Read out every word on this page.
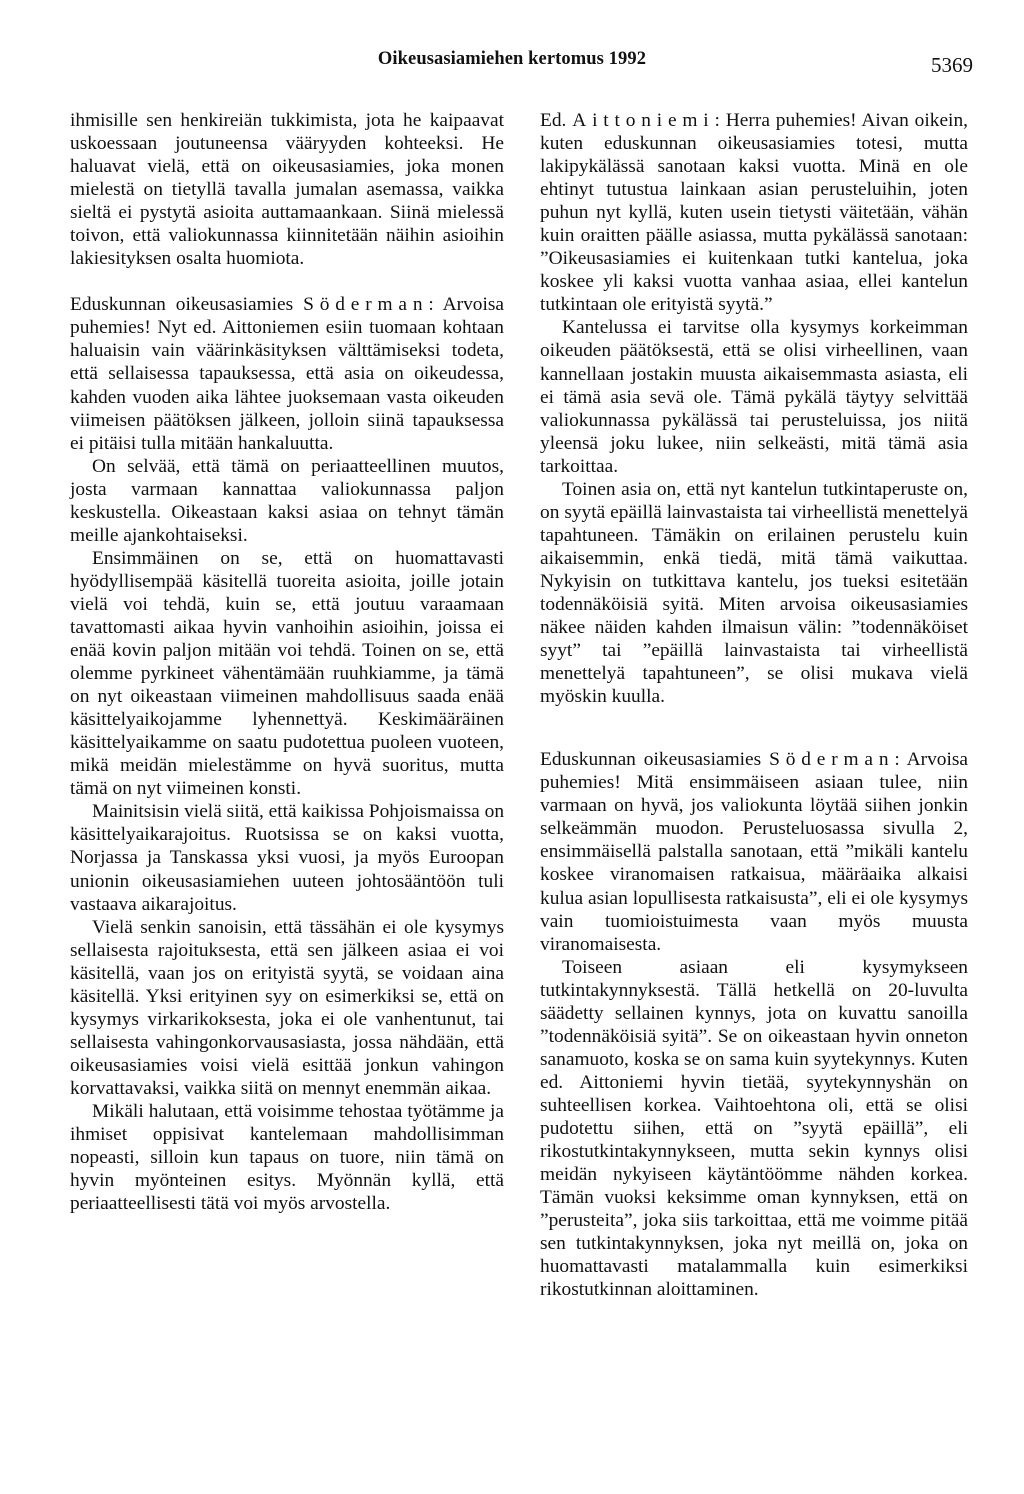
Oikeusasiamiehen kertomus 1992	5369

ihmisille sen henkireiän tukkimista, jota he kaipaavat uskoessaan joutuneensa vääryyden kohteeksi. He haluavat vielä, että on oikeusasiamies, joka monen mielestä on tietyllä tavalla jumalan asemassa, vaikka sieltä ei pystytä asioita auttamaankaan. Siinä mielessä toivon, että valiokunnassa kiinnitetään näihin asioihin lakiesityksen osalta huomiota.

Eduskunnan oikeusasiamies Söderman: Arvoisa puhemies! Nyt ed. Aittoniemen esiin tuomaan kohtaan haluaisin vain väärinkäsityksen välttämiseksi todeta, että sellaisessa tapauksessa, että asia on oikeudessa, kahden vuoden aika lähtee juoksemaan vasta oikeuden viimeisen päätöksen jälkeen, jolloin siinä tapauksessa ei pitäisi tulla mitään hankaluutta.

On selvää, että tämä on periaatteellinen muutos, josta varmaan kannattaa valiokunnassa paljon keskustella. Oikeastaan kaksi asiaa on tehnyt tämän meille ajankohtaiseksi.

Ensimmäinen on se, että on huomattavasti hyödyllisempää käsitellä tuoreita asioita, joille jotain vielä voi tehdä, kuin se, että joutuu varaamaan tavattomasti aikaa hyvin vanhoihin asioihin, joissa ei enää kovin paljon mitään voi tehdä. Toinen on se, että olemme pyrkineet vähentämään ruuhkiamme, ja tämä on nyt oikeastaan viimeinen mahdollisuus saada enää käsittelyaikojamme lyhennettyä. Keskimääräinen käsittelyaikamme on saatu pudotettua puoleen vuoteen, mikä meidän mielestämme on hyvä suoritus, mutta tämä on nyt viimeinen konsti.

Mainitsisin vielä siitä, että kaikissa Pohjoismaissa on käsittelyaikarajoitus. Ruotsissa se on kaksi vuotta, Norjassa ja Tanskassa yksi vuosi, ja myös Euroopan unionin oikeusasiamiehen uuteen johtosääntöön tuli vastaava aikarajoitus.

Vielä senkin sanoisin, että tässähän ei ole kysymys sellaisesta rajoituksesta, että sen jälkeen asiaa ei voi käsitellä, vaan jos on erityistä syytä, se voidaan aina käsitellä. Yksi erityinen syy on esimerkiksi se, että on kysymys virkarikoksesta, joka ei ole vanhentunut, tai sellaisesta vahingonkorvausasiasta, jossa nähdään, että oikeusasiamies voisi vielä esittää jonkun vahingon korvattavaksi, vaikka siitä on mennyt enemmän aikaa.

Mikäli halutaan, että voisimme tehostaa työtämme ja ihmiset oppisivat kantelemaan mahdollisimman nopeasti, silloin kun tapaus on tuore, niin tämä on hyvin myönteinen esitys. Myönnän kyllä, että periaatteellisesti tätä voi myös arvostella.

Ed. Aittoniemi: Herra puhemies! Aivan oikein, kuten eduskunnan oikeusasiamies totesi, mutta lakipykälässä sanotaan kaksi vuotta. Minä en ole ehtinyt tutustua lainkaan asian perusteluihin, joten puhun nyt kyllä, kuten usein tietysti väitetään, vähän kuin oraitten päälle asiassa, mutta pykälässä sanotaan: ”Oikeusasiamies ei kuitenkaan tutki kantelua, joka koskee yli kaksi vuotta vanhaa asiaa, ellei kantelun tutkintaan ole erityistä syytä.”

Kantelussa ei tarvitse olla kysymys korkeimman oikeuden päätöksestä, että se olisi virheellinen, vaan kannellaan jostakin muusta aikaisemmasta asiasta, eli ei tämä asia sevä ole. Tämä pykälä täytyy selvittää valiokunnassa pykälässä tai perusteluissa, jos niitä yleensä joku lukee, niin selkeästi, mitä tämä asia tarkoittaa.

Toinen asia on, että nyt kantelun tutkintaperuste on, on syytä epäillä lainvastaista tai virheellistä menettelyä tapahtuneen. Tämäkin on erilainen perustelu kuin aikaisemmin, enkä tiedä, mitä tämä vaikuttaa. Nykyisin on tutkittava kantelu, jos tueksi esitetään todennäköisiä syitä. Miten arvoisa oikeusasiamies näkee näiden kahden ilmaisun välin: ”todennäköiset syyt” tai ”epäillä lainvastaista tai virheellistä menettelyä tapahtuneen”, se olisi mukava vielä myöskin kuulla.

Eduskunnan oikeusasiamies Söderman: Arvoisa puhemies! Mitä ensimmäiseen asiaan tulee, niin varmaan on hyvä, jos valiokunta löytää siihen jonkin selkeämmän muodon. Perusteluosassa sivulla 2, ensimmäisellä palstalla sanotaan, että ”mikäli kantelu koskee viranomaisen ratkaisua, määräaika alkaisi kulua asian lopullisesta ratkaisusta”, eli ei ole kysymys vain tuomioistuimesta vaan myös muusta viranomaisesta.

Toiseen asiaan eli kysymykseen tutkintakynnyksestä. Tällä hetkellä on 20-luvulta säädetty sellainen kynnys, jota on kuvattu sanoilla ”todennäköisiä syitä”. Se on oikeastaan hyvin onneton sanamuoto, koska se on sama kuin syytekynnys. Kuten ed. Aittoniemi hyvin tietää, syytekynnyshän on suhteellisen korkea. Vaihtoehtona oli, että se olisi pudotettu siihen, että on ”syytä epäillä”, eli rikostutkintakynnykseen, mutta sekin kynnys olisi meidän nykyiseen käytäntöömme nähden korkea. Tämän vuoksi keksimme oman kynnyksen, että on ”perusteita”, joka siis tarkoittaa, että me voimme pitää sen tutkintakynnyksen, joka nyt meillä on, joka on huomattavasti matalammalla kuin esimerkiksi rikostutkinnan aloittaminen.
